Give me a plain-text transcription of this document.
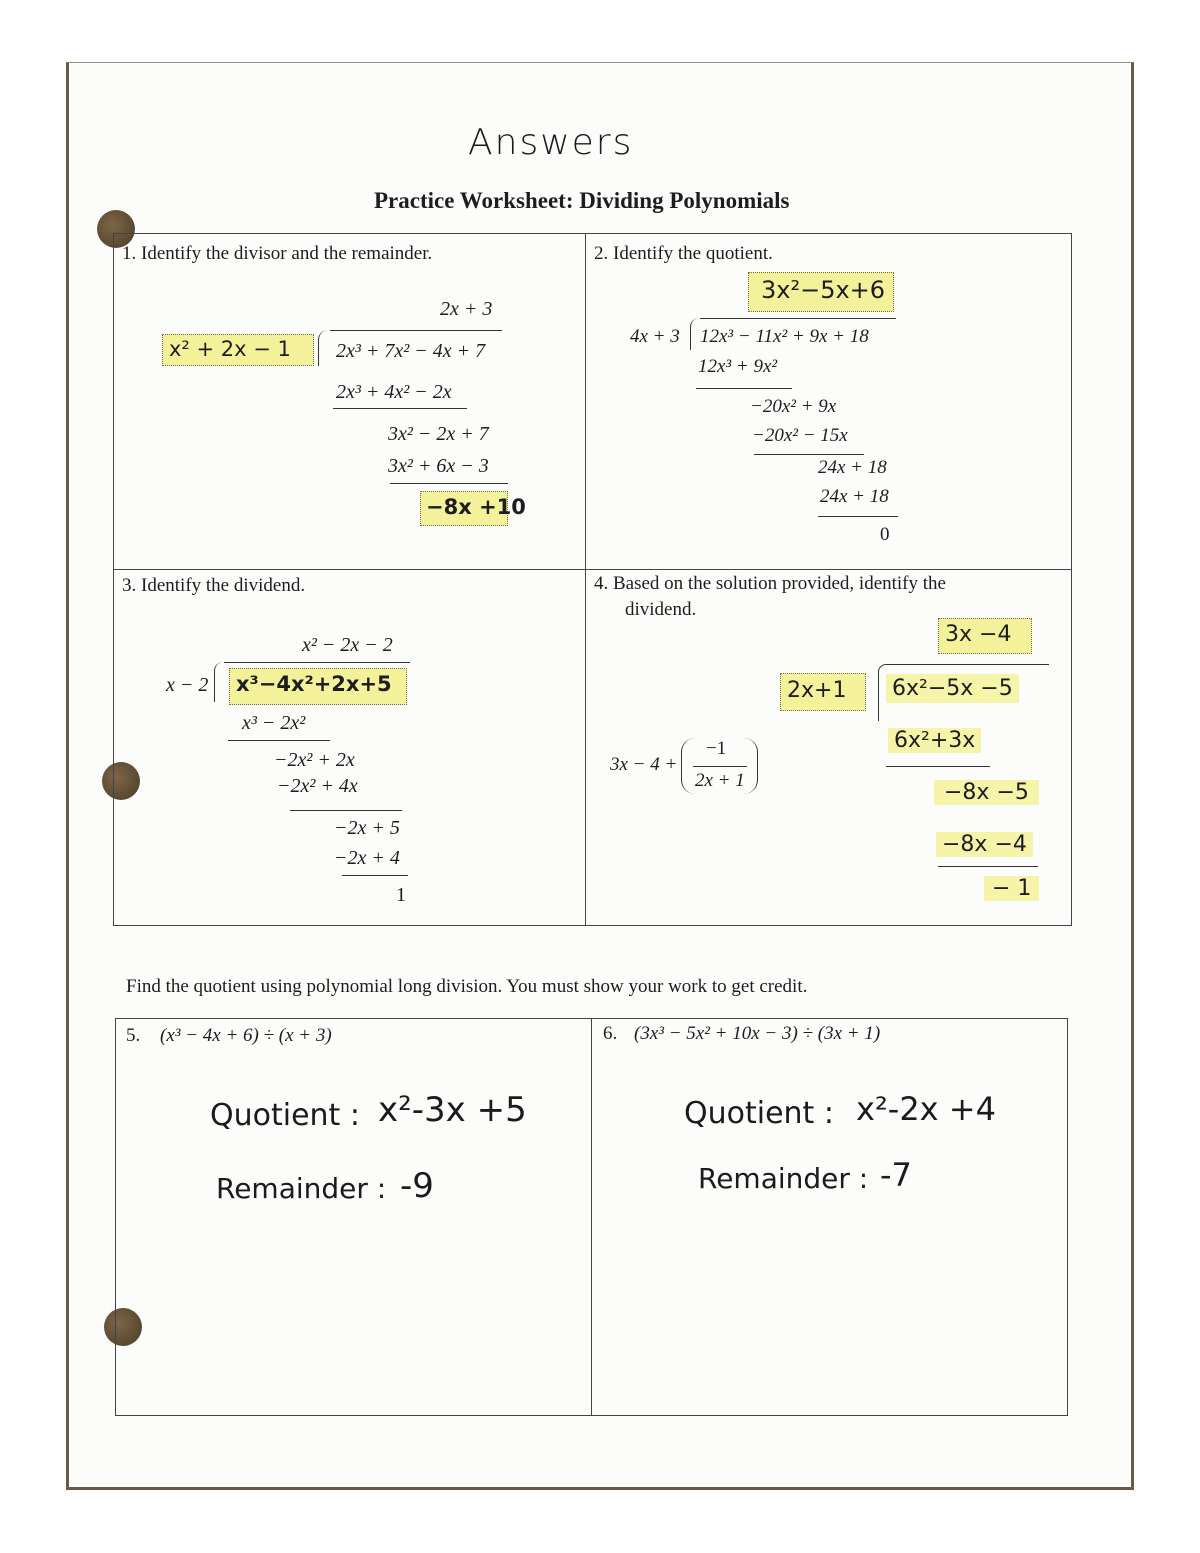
Answers
Practice Worksheet: Dividing Polynomials
1. Identify the divisor and the remainder.
2x + 3
x² + 2x − 1	2x³ + 7x² − 4x + 7
2x³ + 4x² − 2x
3x² − 2x + 7
3x² + 6x − 3
−8x +10
2. Identify the quotient.
3x²−5x+6
4x + 3 12x³ − 11x² + 9x + 18
12x³ + 9x²
−20x² + 9x
−20x² − 15x
24x + 18
24x + 18
0
3. Identify the dividend.
x² − 2x − 2
x − 2	x³−4x²+2x+5
x³ − 2x²
−2x² + 2x
−2x² + 4x
−2x + 5
−2x + 4
1
4. Based on the solution provided, identify the
dividend.
3x − 4 +
−1
2x + 1
3x −4
2x+1	6x²−5x −5
6x²+3x
−8x −5
−8x −4
− 1
Find the quotient using polynomial long division. You must show your work to get credit.
5. (x³ − 4x + 6) ÷ (x + 3)
Quotient : x²-3x +5
Remainder : -9
6. (3x³ − 5x² + 10x − 3) ÷ (3x + 1)
Quotient : x²-2x +4
Remainder : -7
